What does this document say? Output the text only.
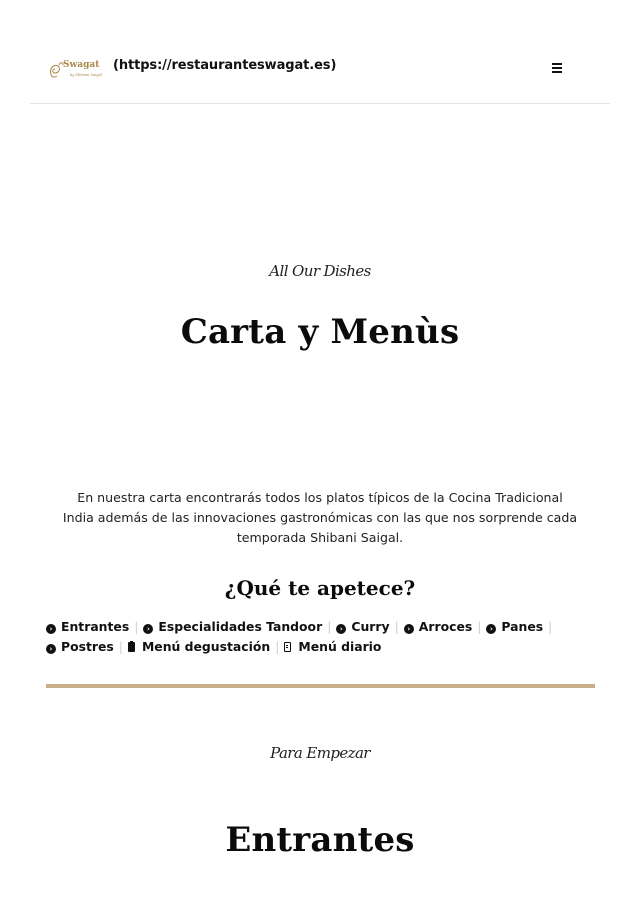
Swagat
by Shibani Saigal
(https://restauranteswagat.es)
All Our Dishes
Carta y Menùs

En nuestra carta encontrarás todos los platos típicos de la Cocina Tradicional India además de las innovaciones gastronómicas con las que nos sorprende cada temporada Shibani Saigal.

¿Qué te apetece?
› Entrantes | › Especialidades Tandoor | › Curry | › Arroces | › Panes |
› Postres | Menú degustación | Menú diario
Para Empezar
Entrantes
